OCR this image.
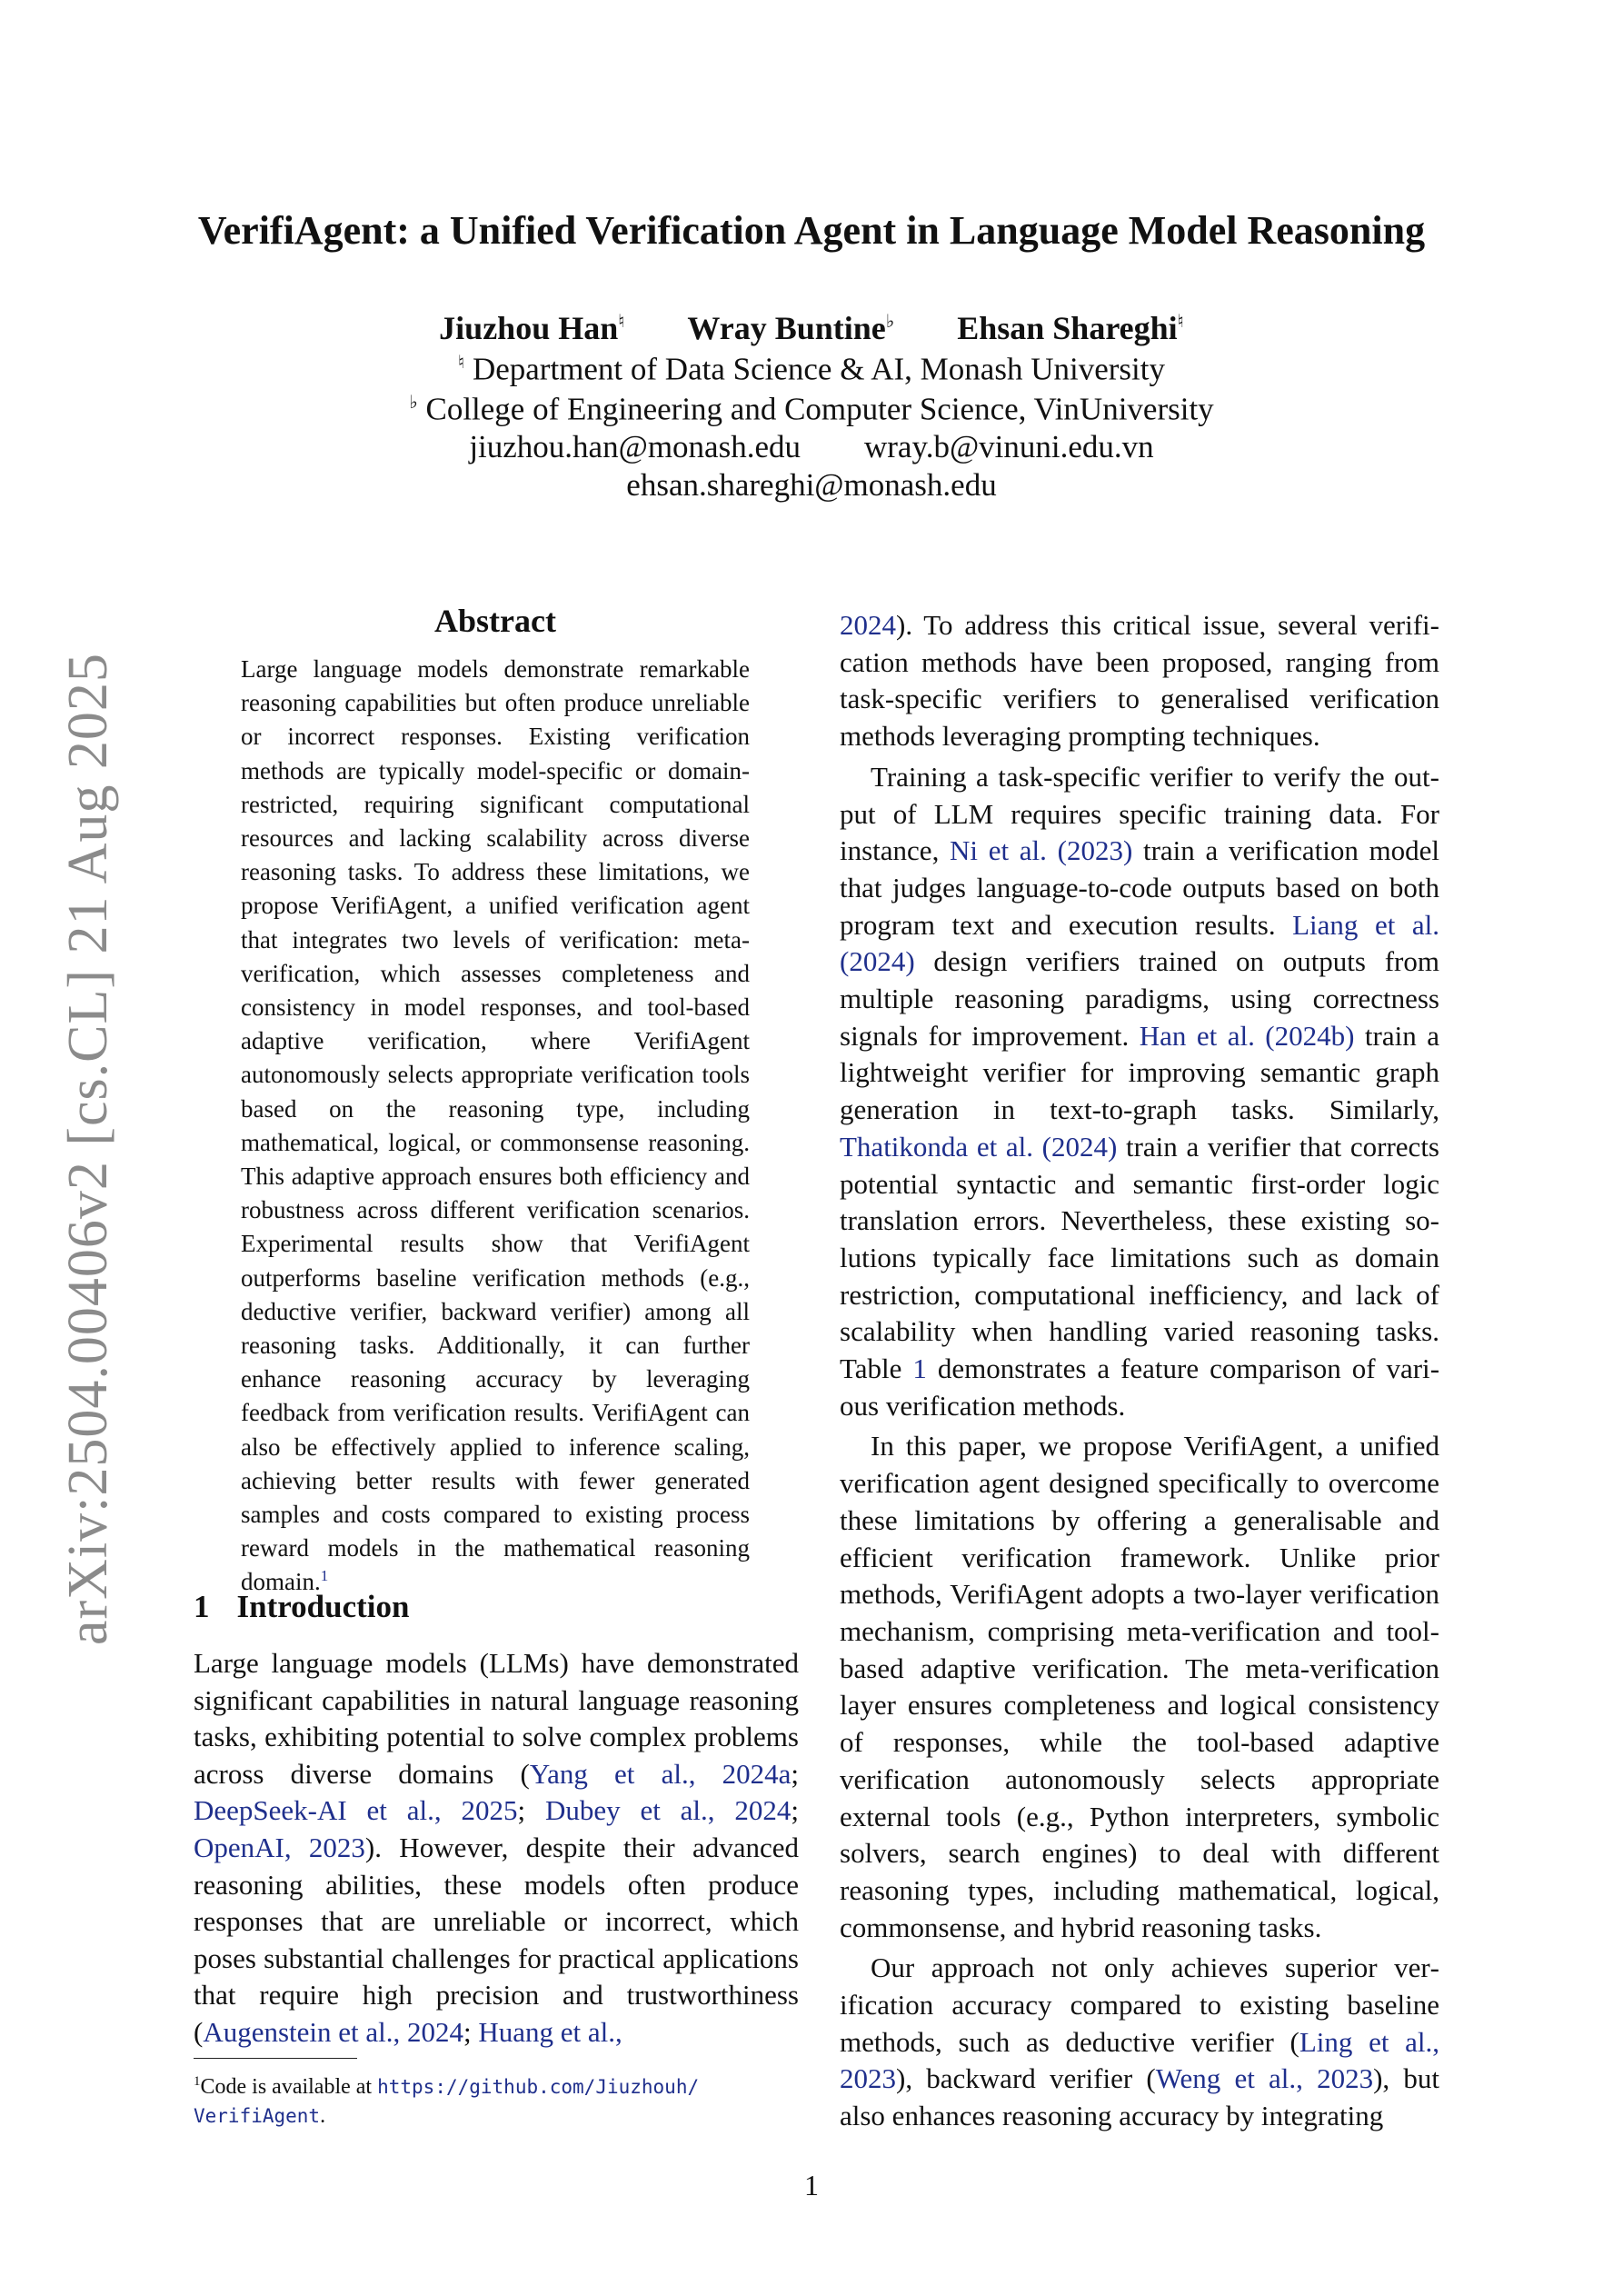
arXiv:2504.00406v2 [cs.CL] 21 Aug 2025
VerifiAgent: a Unified Verification Agent in Language Model Reasoning
Jiuzhou Han♮ Wray Buntine♭ Ehsan Shareghi♮
♮ Department of Data Science & AI, Monash University
♭ College of Engineering and Computer Science, VinUniversity
jiuzhou.han@monash.edu wray.b@vinuni.edu.vn
ehsan.shareghi@monash.edu
Abstract
Large language models demonstrate remarkable reasoning capabilities but often produce unreliable or incorrect responses. Existing verification methods are typically model-specific or domain-restricted, requiring significant computational resources and lacking scalability across diverse reasoning tasks. To address these limitations, we propose VerifiAgent, a unified verification agent that integrates two levels of verification: meta-verification, which assesses completeness and consistency in model responses, and tool-based adaptive verification, where VerifiAgent autonomously selects appropriate verification tools based on the reasoning type, including mathematical, logical, or commonsense reasoning. This adaptive approach ensures both efficiency and robustness across different verification scenarios. Experimental results show that VerifiAgent outperforms baseline verification methods (e.g., deductive verifier, backward verifier) among all reasoning tasks. Additionally, it can further enhance reasoning accuracy by leveraging feedback from verification results. VerifiAgent can also be effectively applied to inference scaling, achieving better results with fewer generated samples and costs compared to existing process reward models in the mathematical reasoning domain.$^1$
1 Introduction
Large language models (LLMs) have demonstrated significant capabilities in natural language reasoning tasks, exhibiting potential to solve complex problems across diverse domains (Yang et al., 2024a; DeepSeek-AI et al., 2025; Dubey et al., 2024; OpenAI, 2023). However, despite their advanced reasoning abilities, these models often produce responses that are unreliable or incorrect, which poses substantial challenges for practical applications that require high precision and trustworthiness (Augenstein et al., 2024; Huang et al.,
$^1$Code is available at https://github.com/Jiuzhouh/
VerifiAgent.

2024). To address this critical issue, several verification methods have been proposed, ranging from task-specific verifiers to generalised verification methods leveraging prompting techniques.

Training a task-specific verifier to verify the output of LLM requires specific training data. For instance, Ni et al. (2023) train a verification model that judges language-to-code outputs based on both program text and execution results. Liang et al. (2024) design verifiers trained on outputs from multiple reasoning paradigms, using correctness signals for improvement. Han et al. (2024b) train a lightweight verifier for improving semantic graph generation in text-to-graph tasks. Similarly, Thatikonda et al. (2024) train a verifier that corrects potential syntactic and semantic first-order logic translation errors. Nevertheless, these existing solutions typically face limitations such as domain restriction, computational inefficiency, and lack of scalability when handling varied reasoning tasks. Table 1 demonstrates a feature comparison of various verification methods.

In this paper, we propose VerifiAgent, a unified verification agent designed specifically to overcome these limitations by offering a generalisable and efficient verification framework. Unlike prior methods, VerifiAgent adopts a two-layer verification mechanism, comprising meta-verification and tool-based adaptive verification. The meta-verification layer ensures completeness and logical consistency of responses, while the tool-based adaptive verification autonomously selects appropriate external tools (e.g., Python interpreters, symbolic solvers, search engines) to deal with different reasoning types, including mathematical, logical, commonsense, and hybrid reasoning tasks.

Our approach not only achieves superior verification accuracy compared to existing baseline methods, such as deductive verifier (Ling et al., 2023), backward verifier (Weng et al., 2023), but also enhances reasoning accuracy by integrating

1
